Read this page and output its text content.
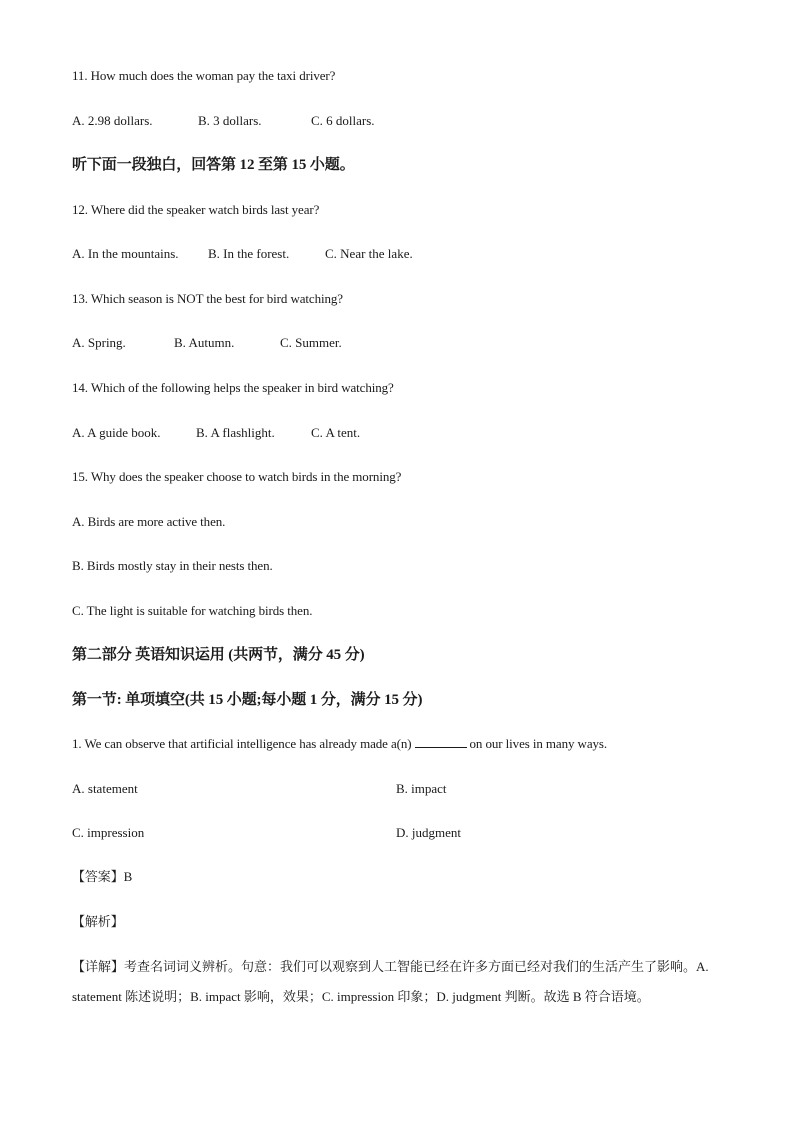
11. How much does the woman pay the taxi driver?
A. 2.98 dollars.	B. 3 dollars.	C. 6 dollars.
听下面一段独白，回答第 12 至第 15 小题。
12. Where did the speaker watch birds last year?
A. In the mountains. B. In the forest.	C. Near the lake.
13. Which season is NOT the best for bird watching?
A. Spring.	B. Autumn.	C. Summer.
14. Which of the following helps the speaker in bird watching?
A. A guide book.	B. A flashlight.	C. A tent.
15. Why does the speaker choose to watch birds in the morning?
A. Birds are more active then.
B. Birds mostly stay in their nests then.
C. The light is suitable for watching birds then.
第二部分 英语知识运用 (共两节，满分 45 分)
第一节: 单项填空(共 15 小题;每小题 1 分，满分 15 分)
1. We can observe that artificial intelligence has already made a(n)	on our lives in many ways.
A. statement	B. impact
C. impression	D. judgment
【答案】B
【解析】
【详解】考查名词词义辨析。句意：我们可以观察到人工智能已经在许多方面已经对我们的生活产生了影响。A. statement 陈述说明；B. impact 影响，效果；C. impression 印象；D. judgment 判断。故选 B 符合语境。
